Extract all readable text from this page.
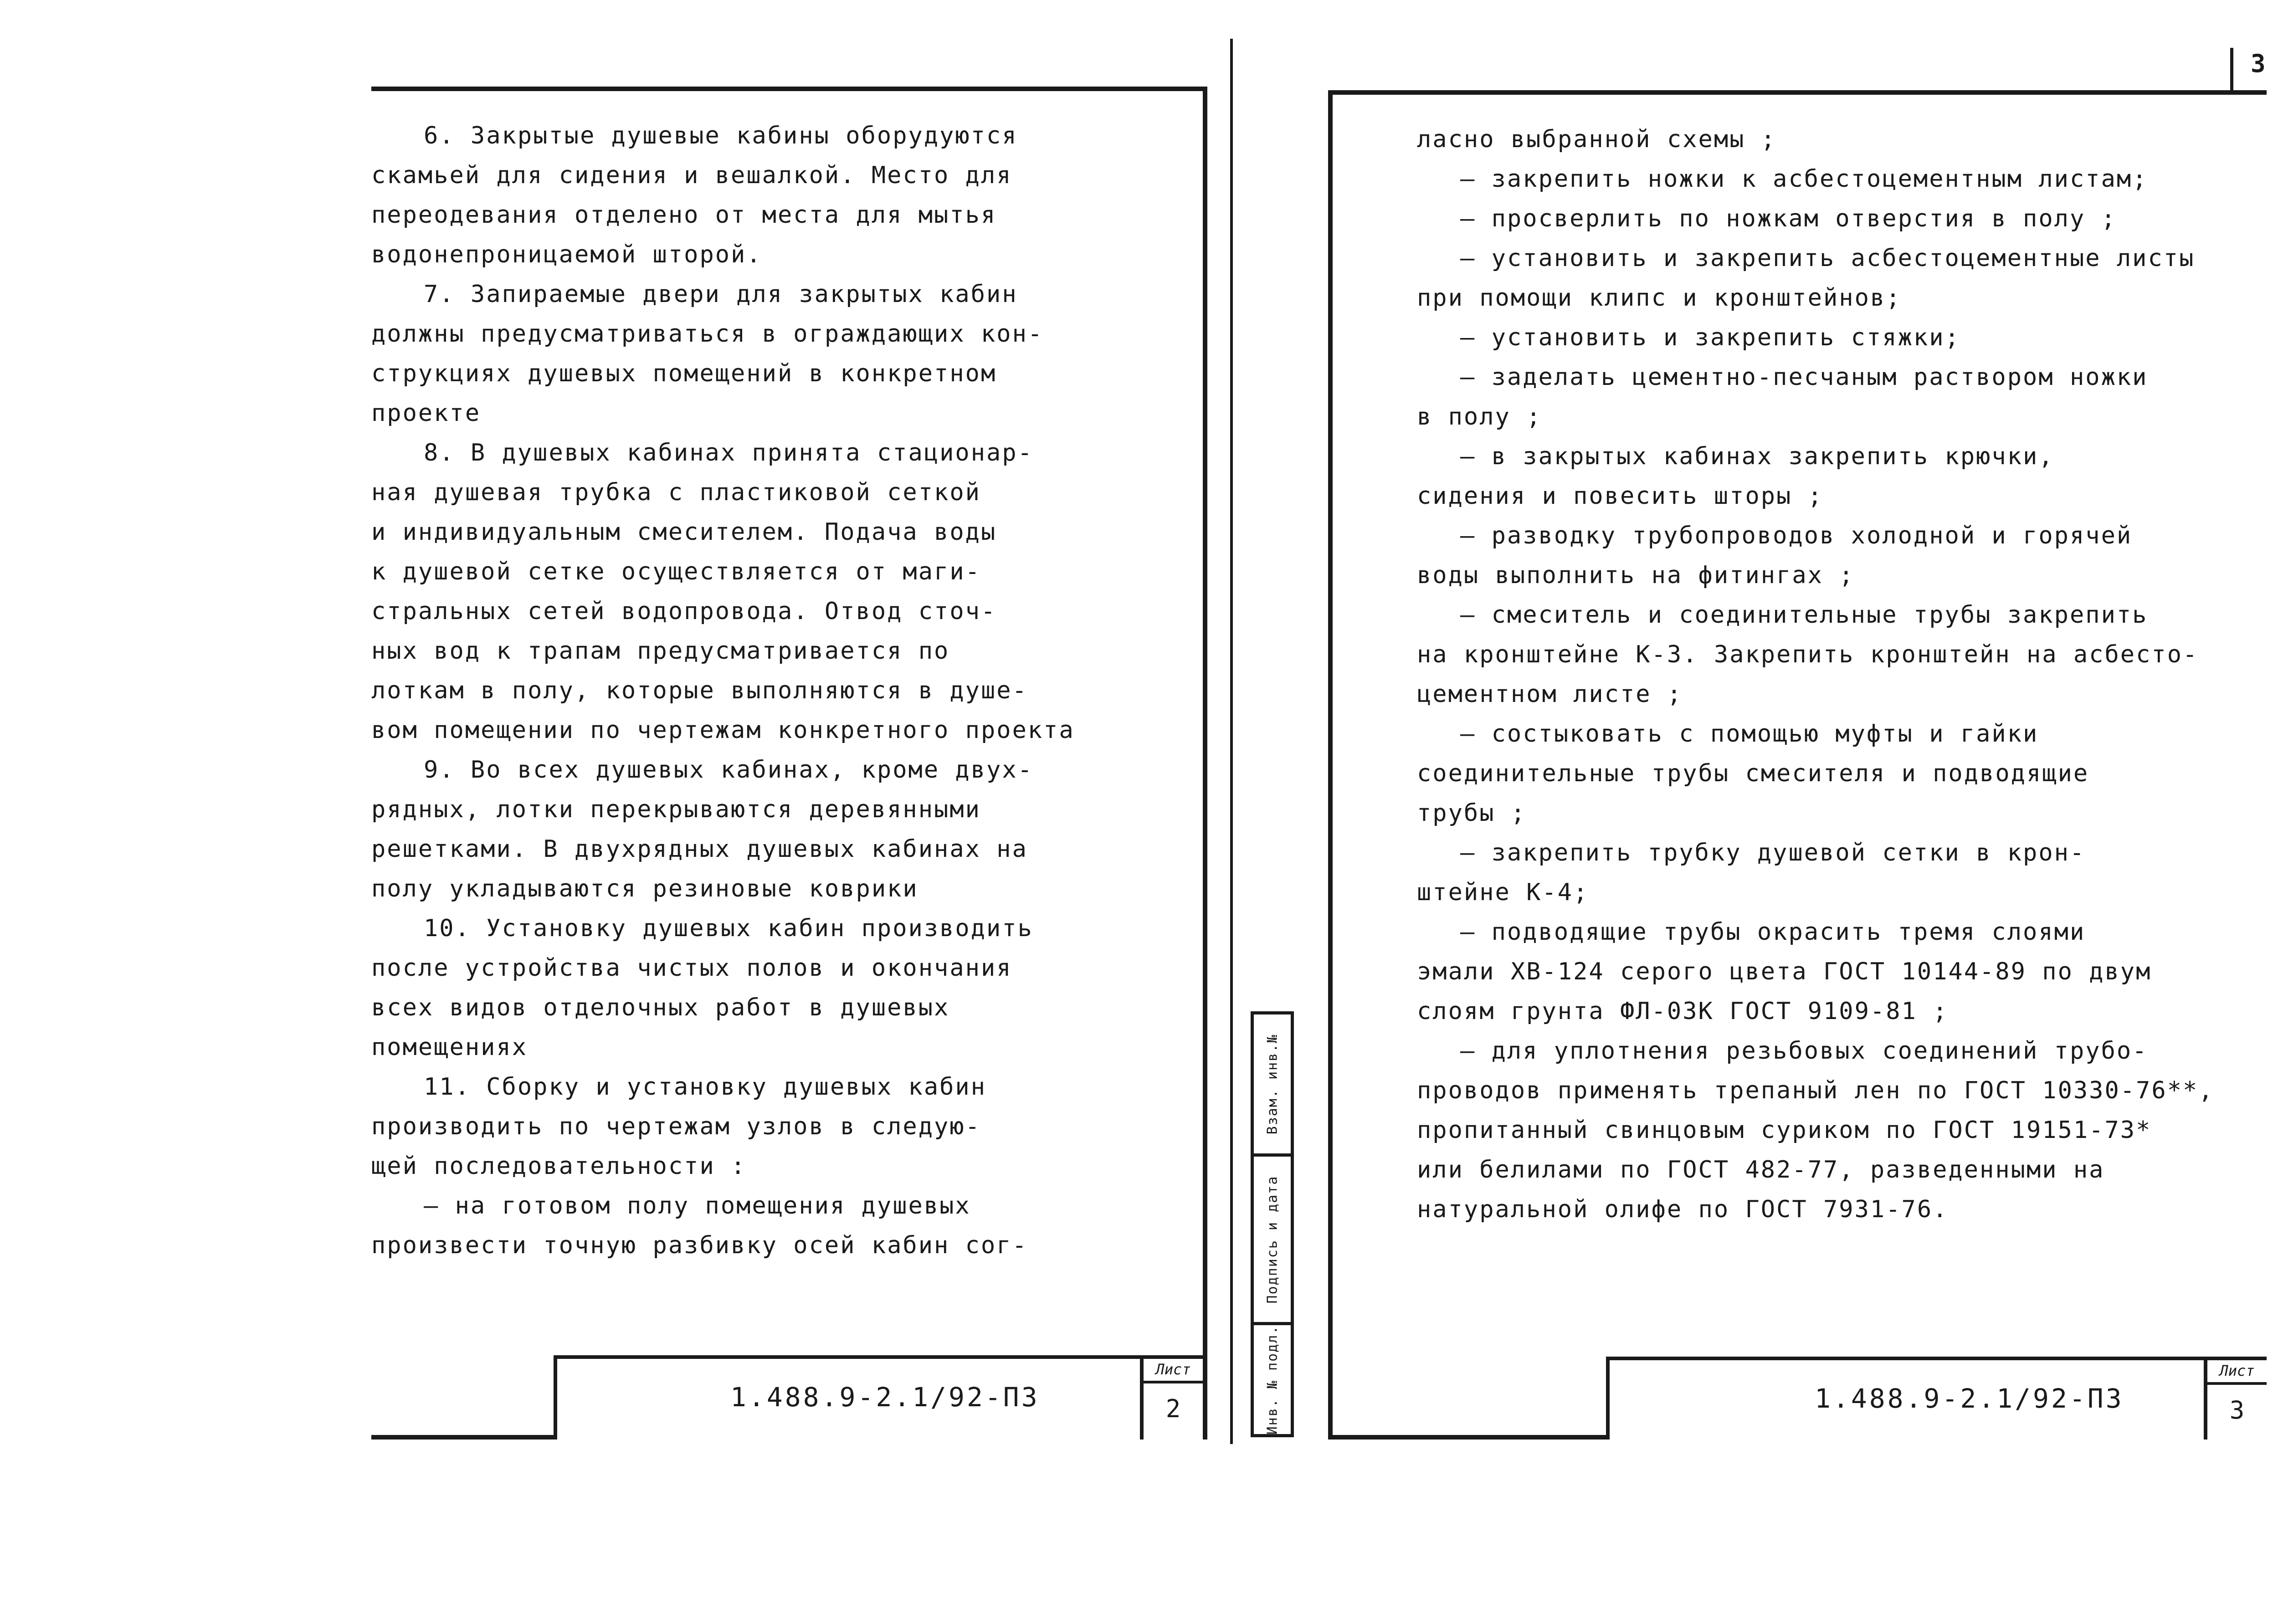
3
6. Закрытые душевые кабины оборудуются
скамьей для сидения и вешалкой. Место для
переодевания отделено от места для мытья
водонепроницаемой шторой.
7. Запираемые двери для закрытых кабин
должны предусматриваться в ограждающих кон-
струкциях душевых помещений в конкретном
проекте
8. В душевых кабинах принята стационар-
ная душевая трубка с пластиковой сеткой
и индивидуальным смесителем. Подача воды
к душевой сетке осуществляется от маги-
стральных сетей водопровода. Отвод сточ-
ных вод к трапам предусматривается по
лоткам в полу, которые выполняются в душе-
вом помещении по чертежам конкретного проекта
9. Во всех душевых кабинах, кроме двух-
рядных, лотки перекрываются деревянными
решетками. В двухрядных душевых кабинах на
полу укладываются резиновые коврики
10. Установку душевых кабин производить
после устройства чистых полов и окончания
всех видов отделочных работ в душевых
помещениях
11. Сборку и установку душевых кабин
производить по чертежам узлов в следую-
щей последовательности :
— на готовом полу помещения душевых
произвести точную разбивку осей кабин сог-
1.488.9-2.1/92-ПЗ
Лист
2
Взам. инв.№
Подпись и дата
Инв. № подл.
ласно выбранной схемы ;
— закрепить ножки к асбестоцементным листам;
— просверлить по ножкам отверстия в полу ;
— установить и закрепить асбестоцементные листы
при помощи клипс и кронштейнов;
— установить и закрепить стяжки;
— заделать цементно-песчаным раствором ножки
в полу ;
— в закрытых кабинах закрепить крючки,
сидения и повесить шторы ;
— разводку трубопроводов холодной и горячей
воды выполнить на фитингах ;
— смеситель и соединительные трубы закрепить
на кронштейне К-3. Закрепить кронштейн на асбесто-
цементном листе ;
— состыковать с помощью муфты и гайки
соединительные трубы смесителя и подводящие
трубы ;
— закрепить трубку душевой сетки в крон-
штейне К-4;
— подводящие трубы окрасить тремя слоями
эмали ХВ-124 серого цвета ГОСТ 10144-89 по двум
слоям грунта ФЛ-03К ГОСТ 9109-81 ;
— для уплотнения резьбовых соединений трубо-
проводов применять трепаный лен по ГОСТ 10330-76**,
пропитанный свинцовым суриком по ГОСТ 19151-73*
или белилами по ГОСТ 482-77, разведенными на
натуральной олифе по ГОСТ 7931-76.
1.488.9-2.1/92-ПЗ
Лист
3
